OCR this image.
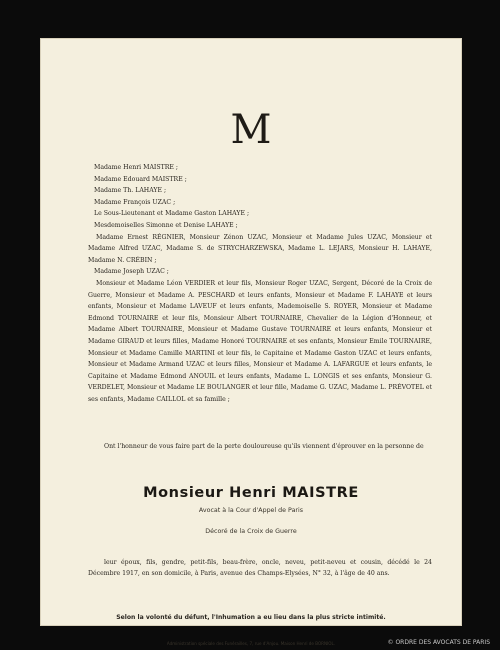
M
Madame Henri MAISTRE ;
Madame Edouard MAISTRE ;
Madame Th. LAHAYE ;
Madame François UZAC ;
Le Sous-Lieutenant et Madame Gaston LAHAYE ;
Mesdemoiselles Simonne et Denise LAHAYE ;
Madame Ernest RÉGNIER, Monsieur Zénon UZAC, Monsieur et Madame Jules UZAC, Monsieur et Madame Alfred UZAC, Madame S. de STRYCHARZEWSKA, Madame L. LEJARS, Monsieur H. LAHAYE, Madame N. CRÉBIN ;
Madame Joseph UZAC ;
Monsieur et Madame Léon VERDIER et leur fils, Monsieur Roger UZAC, Sergent, Décoré de la Croix de Guerre, Monsieur et Madame A. PESCHARD et leurs enfants, Monsieur et Madame F. LAHAYE et leurs enfants, Monsieur et Madame LAVEUF et leurs enfants, Mademoiselle S. ROYER, Monsieur et Madame Edmond TOURNAIRE et leur fils, Monsieur Albert TOURNAIRE, Chevalier de la Légion d'Honneur, et Madame Albert TOURNAIRE, Monsieur et Madame Gustave TOURNAIRE et leurs enfants, Monsieur et Madame GIRAUD et leurs filles, Madame Honoré TOURNAIRE et ses enfants, Monsieur Emile TOURNAIRE, Monsieur et Madame Camille MARTINI et leur fils, le Capitaine et Madame Gaston UZAC et leurs enfants, Monsieur et Madame Armand UZAC et leurs filles, Monsieur et Madame A. LAFARGUE et leurs enfants, le Capitaine et Madame Edmond ANOUIL et leurs enfants, Madame L. LONGIS et ses enfants, Monsieur G. VERDELET, Monsieur et Madame LE BOULANGER et leur fille, Madame G. UZAC, Madame L. PRÉVOTEL et ses enfants, Madame CAILLOL et sa famille ;
Ont l'honneur de vous faire part de la perte douloureuse qu'ils viennent d'éprouver en la personne de
Monsieur Henri MAISTRE
Avocat à la Cour d'Appel de Paris
Décoré de la Croix de Guerre
leur époux, fils, gendre, petit-fils, beau-frère, oncle, neveu, petit-neveu et cousin, décédé le 24 Décembre 1917, en son domicile, à Paris, avenue des Champs-Elysées, N° 32, à l'âge de 40 ans.
Selon la volonté du défunt, l'Inhumation a eu lieu dans la plus stricte intimité.
Administration spéciale des Funérailles, 7, rue d'Anjou. Maison Henri de BORNIOL.	© ORDRE DES AVOCATS DE PARIS
